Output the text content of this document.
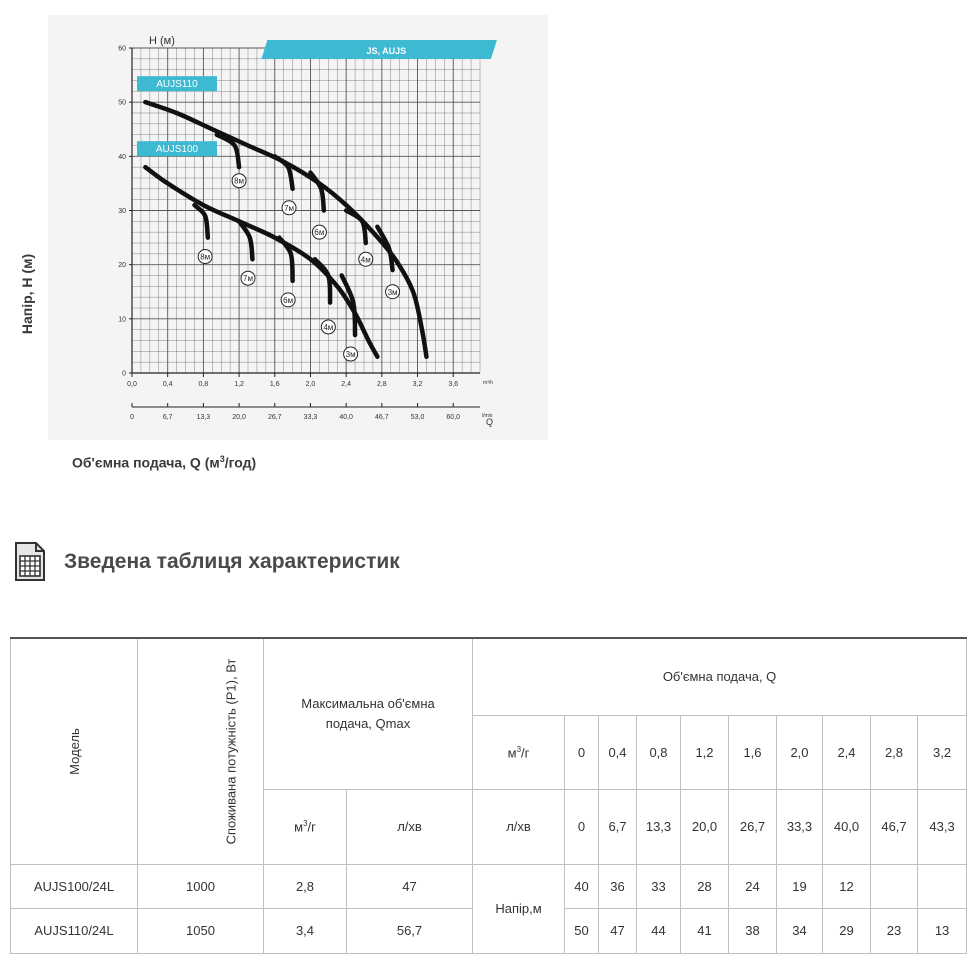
0
10
20
30
40
50
60
0,0	0,4	0,8	1,2	1,6	2,0	2,4	2,8	3,2	3,6
0	6,7	13,3	20,0	26,7	33,3	40,0	46,7	53,0	60,0
m³/h
l/min
Q
H (м)
8м
7м
6м
4м
3м
8м
7м
6м
4м
3м
JS, AUJS
AUJS110
AUJS100
Напір, H (м)
Об'ємна подача, Q $(м^3/год)$
Зведена таблиця характеристик
Модель	Споживана потужність (P1), Вт	Максимальна об'ємна подача, Qmax		Об'ємна подача, Q									
				$м^3/г$	0	0,4	0,8	1,2	1,6	2,0	2,4	2,8	3,2
		$м^3/г$	л/хв	л/хв	0	6,7	13,3	20,0	26,7	33,3	40,0	46,7	43,3
AUJS100/24L	1000	2,8	47	Напір,м	40	36	33	28	24	19	12		
AUJS110/24L	1050	3,4	56,7		50	47	44	41	38	34	29	23	13
